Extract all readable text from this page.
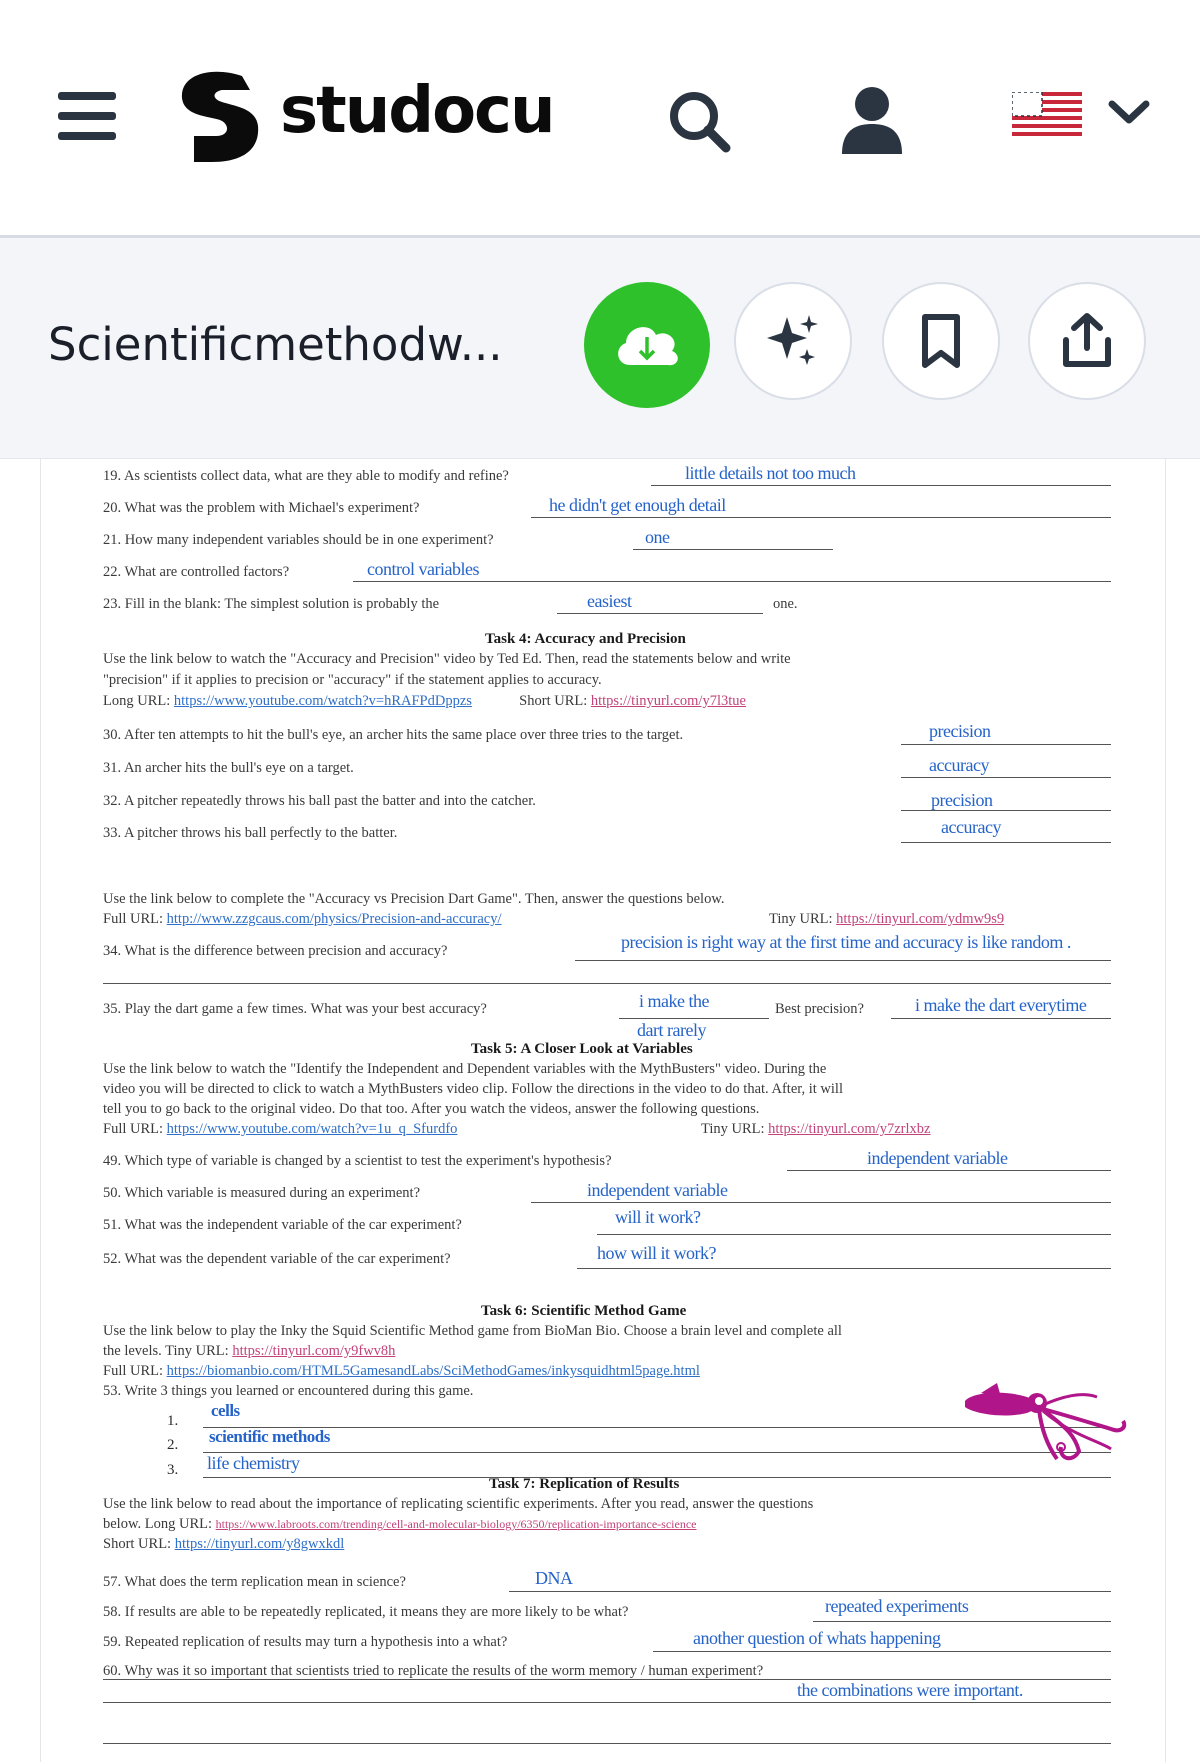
studocu
Scientificmethodw...
19. As scientists collect data, what are they able to modify and refine?	little details not too much
20. What was the problem with Michael's experiment?	he didn't get enough detail
21. How many independent variables should be in one experiment?	one
22. What are controlled factors?	control variables
23. Fill in the blank: The simplest solution is probably the	easiest	one.
Task 4: Accuracy and Precision
Use the link below to watch the "Accuracy and Precision" video by Ted Ed. Then, read the statements below and write
"precision" if it applies to precision or "accuracy" if the statement applies to accuracy.
Long URL: https://www.youtube.com/watch?v=hRAFPdDppzs	Short URL: https://tinyurl.com/y7l3tue
30. After ten attempts to hit the bull's eye, an archer hits the same place over three tries to the target.	precision
31. An archer hits the bull's eye on a target.	accuracy
32. A pitcher repeatedly throws his ball past the batter and into the catcher.	precision
33. A pitcher throws his ball perfectly to the batter.	accuracy
Use the link below to complete the "Accuracy vs Precision Dart Game". Then, answer the questions below.
Full URL: http://www.zzgcaus.com/physics/Precision-and-accuracy/	Tiny URL: https://tinyurl.com/ydmw9s9
34. What is the difference between precision and accuracy?	precision is right way at the first time and accuracy is like random .
35. Play the dart game a few times. What was your best accuracy?	i make the
dart rarely
Best precision?	i make the dart everytime
Task 5: A Closer Look at Variables
Use the link below to watch the "Identify the Independent and Dependent variables with the MythBusters" video. During the
video you will be directed to click to watch a MythBusters video clip. Follow the directions in the video to do that. After, it will
tell you to go back to the original video. Do that too. After you watch the videos, answer the following questions.
Full URL: https://www.youtube.com/watch?v=1u_q_Sfurdfo	Tiny URL: https://tinyurl.com/y7zrlxbz
49. Which type of variable is changed by a scientist to test the experiment's hypothesis?	independent variable
50. Which variable is measured during an experiment?	independent variable
51. What was the independent variable of the car experiment?	will it work?
52. What was the dependent variable of the car experiment?	how will it work?
Task 6: Scientific Method Game
Use the link below to play the Inky the Squid Scientific Method game from BioMan Bio. Choose a brain level and complete all
the levels. Tiny URL: https://tinyurl.com/y9fwv8h
Full URL: https://biomanbio.com/HTML5GamesandLabs/SciMethodGames/inkysquidhtml5page.html
53. Write 3 things you learned or encountered during this game.
1.
cells
2. scientific methods
3. life chemistry
Task 7: Replication of Results
Use the link below to read about the importance of replicating scientific experiments. After you read, answer the questions
below. Long URL: https://www.labroots.com/trending/cell-and-molecular-biology/6350/replication-importance-science
Short URL: https://tinyurl.com/y8gwxkdl
57. What does the term replication mean in science?	DNA
58. If results are able to be repeatedly replicated, it means they are more likely to be what?	repeated experiments
59. Repeated replication of results may turn a hypothesis into a what?	another question of whats happening
60. Why was it so important that scientists tried to replicate the results of the worm memory / human experiment?
the combinations were important.
